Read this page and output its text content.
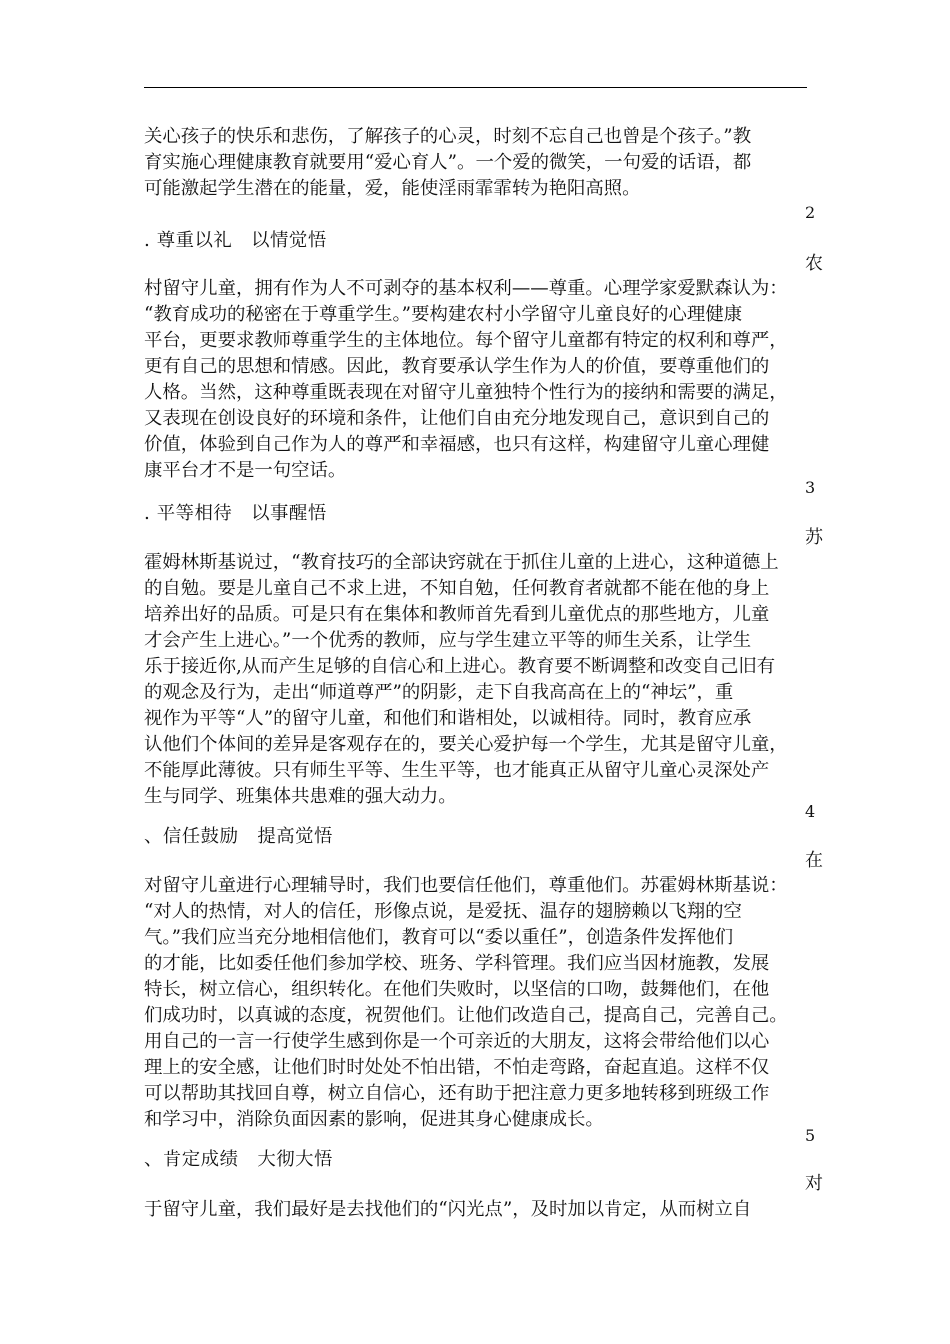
关心孩子的快乐和悲伤，了解孩子的心灵，时刻不忘自己也曾是个孩子。”教
育实施心理健康教育就要用“爱心育人”。一个爱的微笑，一句爱的话语，都
可能激起学生潜在的能量，爱，能使淫雨霏霏转为艳阳高照。
2
. 尊重以礼　以情觉悟
农
村留守儿童，拥有作为人不可剥夺的基本权利——尊重。心理学家爱默森认为：
“教育成功的秘密在于尊重学生。”要构建农村小学留守儿童良好的心理健康
平台，更要求教师尊重学生的主体地位。每个留守儿童都有特定的权利和尊严，
更有自己的思想和情感。因此，教育要承认学生作为人的价值，要尊重他们的
人格。当然，这种尊重既表现在对留守儿童独特个性行为的接纳和需要的满足，
又表现在创设良好的环境和条件，让他们自由充分地发现自己，意识到自己的
价值，体验到自己作为人的尊严和幸福感，也只有这样，构建留守儿童心理健
康平台才不是一句空话。
3
. 平等相待　以事醒悟
苏
霍姆林斯基说过，“教育技巧的全部诀窍就在于抓住儿童的上进心，这种道德上
的自勉。要是儿童自己不求上进，不知自勉，任何教育者就都不能在他的身上
培养出好的品质。可是只有在集体和教师首先看到儿童优点的那些地方，儿童
才会产生上进心。”一个优秀的教师，应与学生建立平等的师生关系，让学生
乐于接近你,从而产生足够的自信心和上进心。教育要不断调整和改变自己旧有
的观念及行为，走出“师道尊严”的阴影，走下自我高高在上的“神坛”，重
视作为平等“人”的留守儿童，和他们和谐相处，以诚相待。同时，教育应承
认他们个体间的差异是客观存在的，要关心爱护每一个学生，尤其是留守儿童，
不能厚此薄彼。只有师生平等、生生平等，也才能真正从留守儿童心灵深处产
生与同学、班集体共患难的强大动力。
4
、信任鼓励　提高觉悟
在
对留守儿童进行心理辅导时，我们也要信任他们，尊重他们。苏霍姆林斯基说：
“对人的热情，对人的信任，形像点说，是爱抚、温存的翅膀赖以飞翔的空
气。”我们应当充分地相信他们，教育可以“委以重任”，创造条件发挥他们
的才能，比如委任他们参加学校、班务、学科管理。我们应当因材施教，发展
特长，树立信心，组织转化。在他们失败时，以坚信的口吻，鼓舞他们，在他
们成功时，以真诚的态度，祝贺他们。让他们改造自己，提高自己，完善自己。
用自己的一言一行使学生感到你是一个可亲近的大朋友，这将会带给他们以心
理上的安全感，让他们时时处处不怕出错，不怕走弯路，奋起直追。这样不仅
可以帮助其找回自尊，树立自信心，还有助于把注意力更多地转移到班级工作
和学习中，消除负面因素的影响，促进其身心健康成长。
5
、肯定成绩　大彻大悟
对
于留守儿童，我们最好是去找他们的“闪光点”，及时加以肯定，从而树立自
